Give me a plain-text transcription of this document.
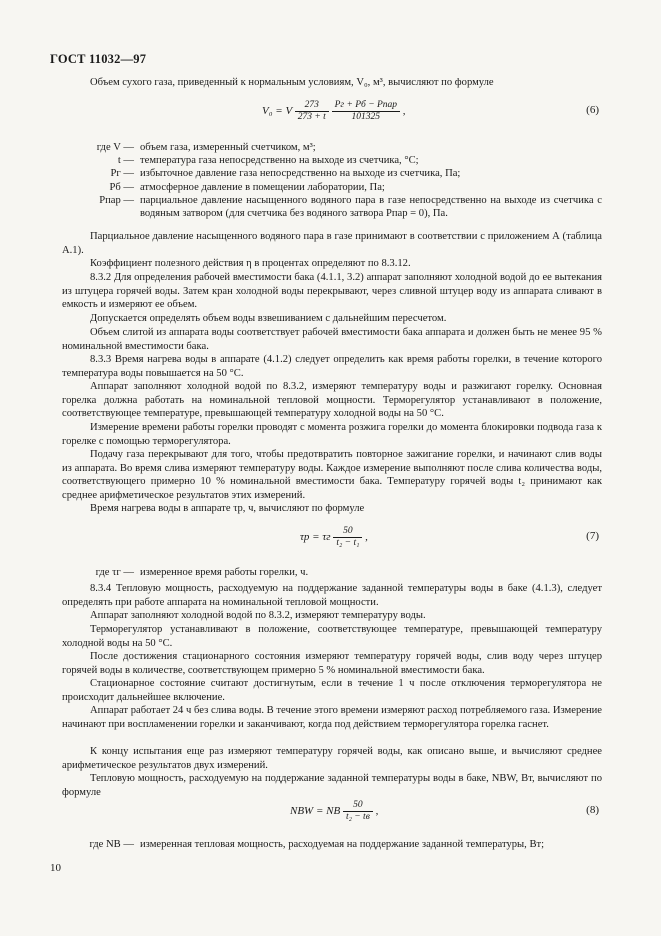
ГОСТ 11032—97
Объем сухого газа, приведенный к нормальным условиям, V₀, м³, вычисляют по формуле
V₀ = V $\frac{273}{273 + t}$
$\frac{\text{Pг + Pб − Pпар}}{101325}$ ,	(6)
где V — объем газа, измеренный счетчиком, м³;
t — температура газа непосредственно на выходе из счетчика, °С;
Pг — избыточное давление газа непосредственно на выходе из счетчика, Па;
Pб — атмосферное давление в помещении лаборатории, Па;
Pпар — парциальное давление насыщенного водяного пара в газе непосредственно на выходе из счетчика с водяным затвором (для счетчика без водяного затвора Pпар = 0), Па.
Парциальное давление насыщенного водяного пара в газе принимают в соответствии с приложением А (таблица А.1).
Коэффициент полезного действия η в процентах определяют по 8.3.12.
8.3.2 Для определения рабочей вместимости бака (4.1.1, 3.2) аппарат заполняют холодной водой до ее вытекания из штуцера горячей воды. Затем кран холодной воды перекрывают, через сливной штуцер воду из аппарата сливают в емкость и измеряют ее объем.
Допускается определять объем воды взвешиванием с дальнейшим пересчетом.
Объем слитой из аппарата воды соответствует рабочей вместимости бака аппарата и должен быть не менее 95 % номинальной вместимости бака.
8.3.3 Время нагрева воды в аппарате (4.1.2) следует определить как время работы горелки, в течение которого температура воды повышается на 50 °С.
Аппарат заполняют холодной водой по 8.3.2, измеряют температуру воды и разжигают горелку. Основная горелка должна работать на номинальной тепловой мощности. Терморегулятор устанавливают в положение, соответствующее температуре, превышающей температуру холодной воды на 50 °С.
Измерение времени работы горелки проводят с момента розжига горелки до момента блокировки подвода газа к горелке с помощью терморегулятора.
Подачу газа перекрывают для того, чтобы предотвратить повторное зажигание горелки, и начинают слив воды из аппарата. Во время слива измеряют температуру воды. Каждое измерение выполняют после слива количества воды, соответствующего примерно 10 % номинальной вместимости бака. Температуру горячей воды t₂ принимают как среднее арифметическое результатов этих измерений.
Время нагрева воды в аппарате τр, ч, вычисляют по формуле
τр = τг $\frac{50}{\text{t₂ − t₁}}$ ,	(7)
где τг — измеренное время работы горелки, ч.
8.3.4 Тепловую мощность, расходуемую на поддержание заданной температуры воды в баке (4.1.3), следует определять при работе аппарата на номинальной тепловой мощности.
Аппарат заполняют холодной водой по 8.3.2, измеряют температуру воды.
Терморегулятор устанавливают в положение, соответствующее температуре, превышающей температуру холодной воды на 50 °С.
После достижения стационарного состояния измеряют температуру горячей воды, слив воду через штуцер горячей воды в количестве, соответствующем примерно 5 % номинальной вместимости бака.
Стационарное состояние считают достигнутым, если в течение 1 ч после отключения терморегулятора не происходит дальнейшее включение.
Аппарат работает 24 ч без слива воды. В течение этого времени измеряют расход потребляемого газа. Измерение начинают при воспламенении горелки и заканчивают, когда под действием терморегулятора горелка гаснет.
К концу испытания еще раз измеряют температуру горячей воды, как описано выше, и вычисляют среднее арифметическое результатов двух измерений.
Тепловую мощность, расходуемую на поддержание заданной температуры воды в баке, NBW, Вт, вычисляют по формуле
NBW = NB $\frac{50}{\text{t₂ − tв}}$ ,	(8)
где NB — измеренная тепловая мощность, расходуемая на поддержание заданной температуры, Вт;
10
